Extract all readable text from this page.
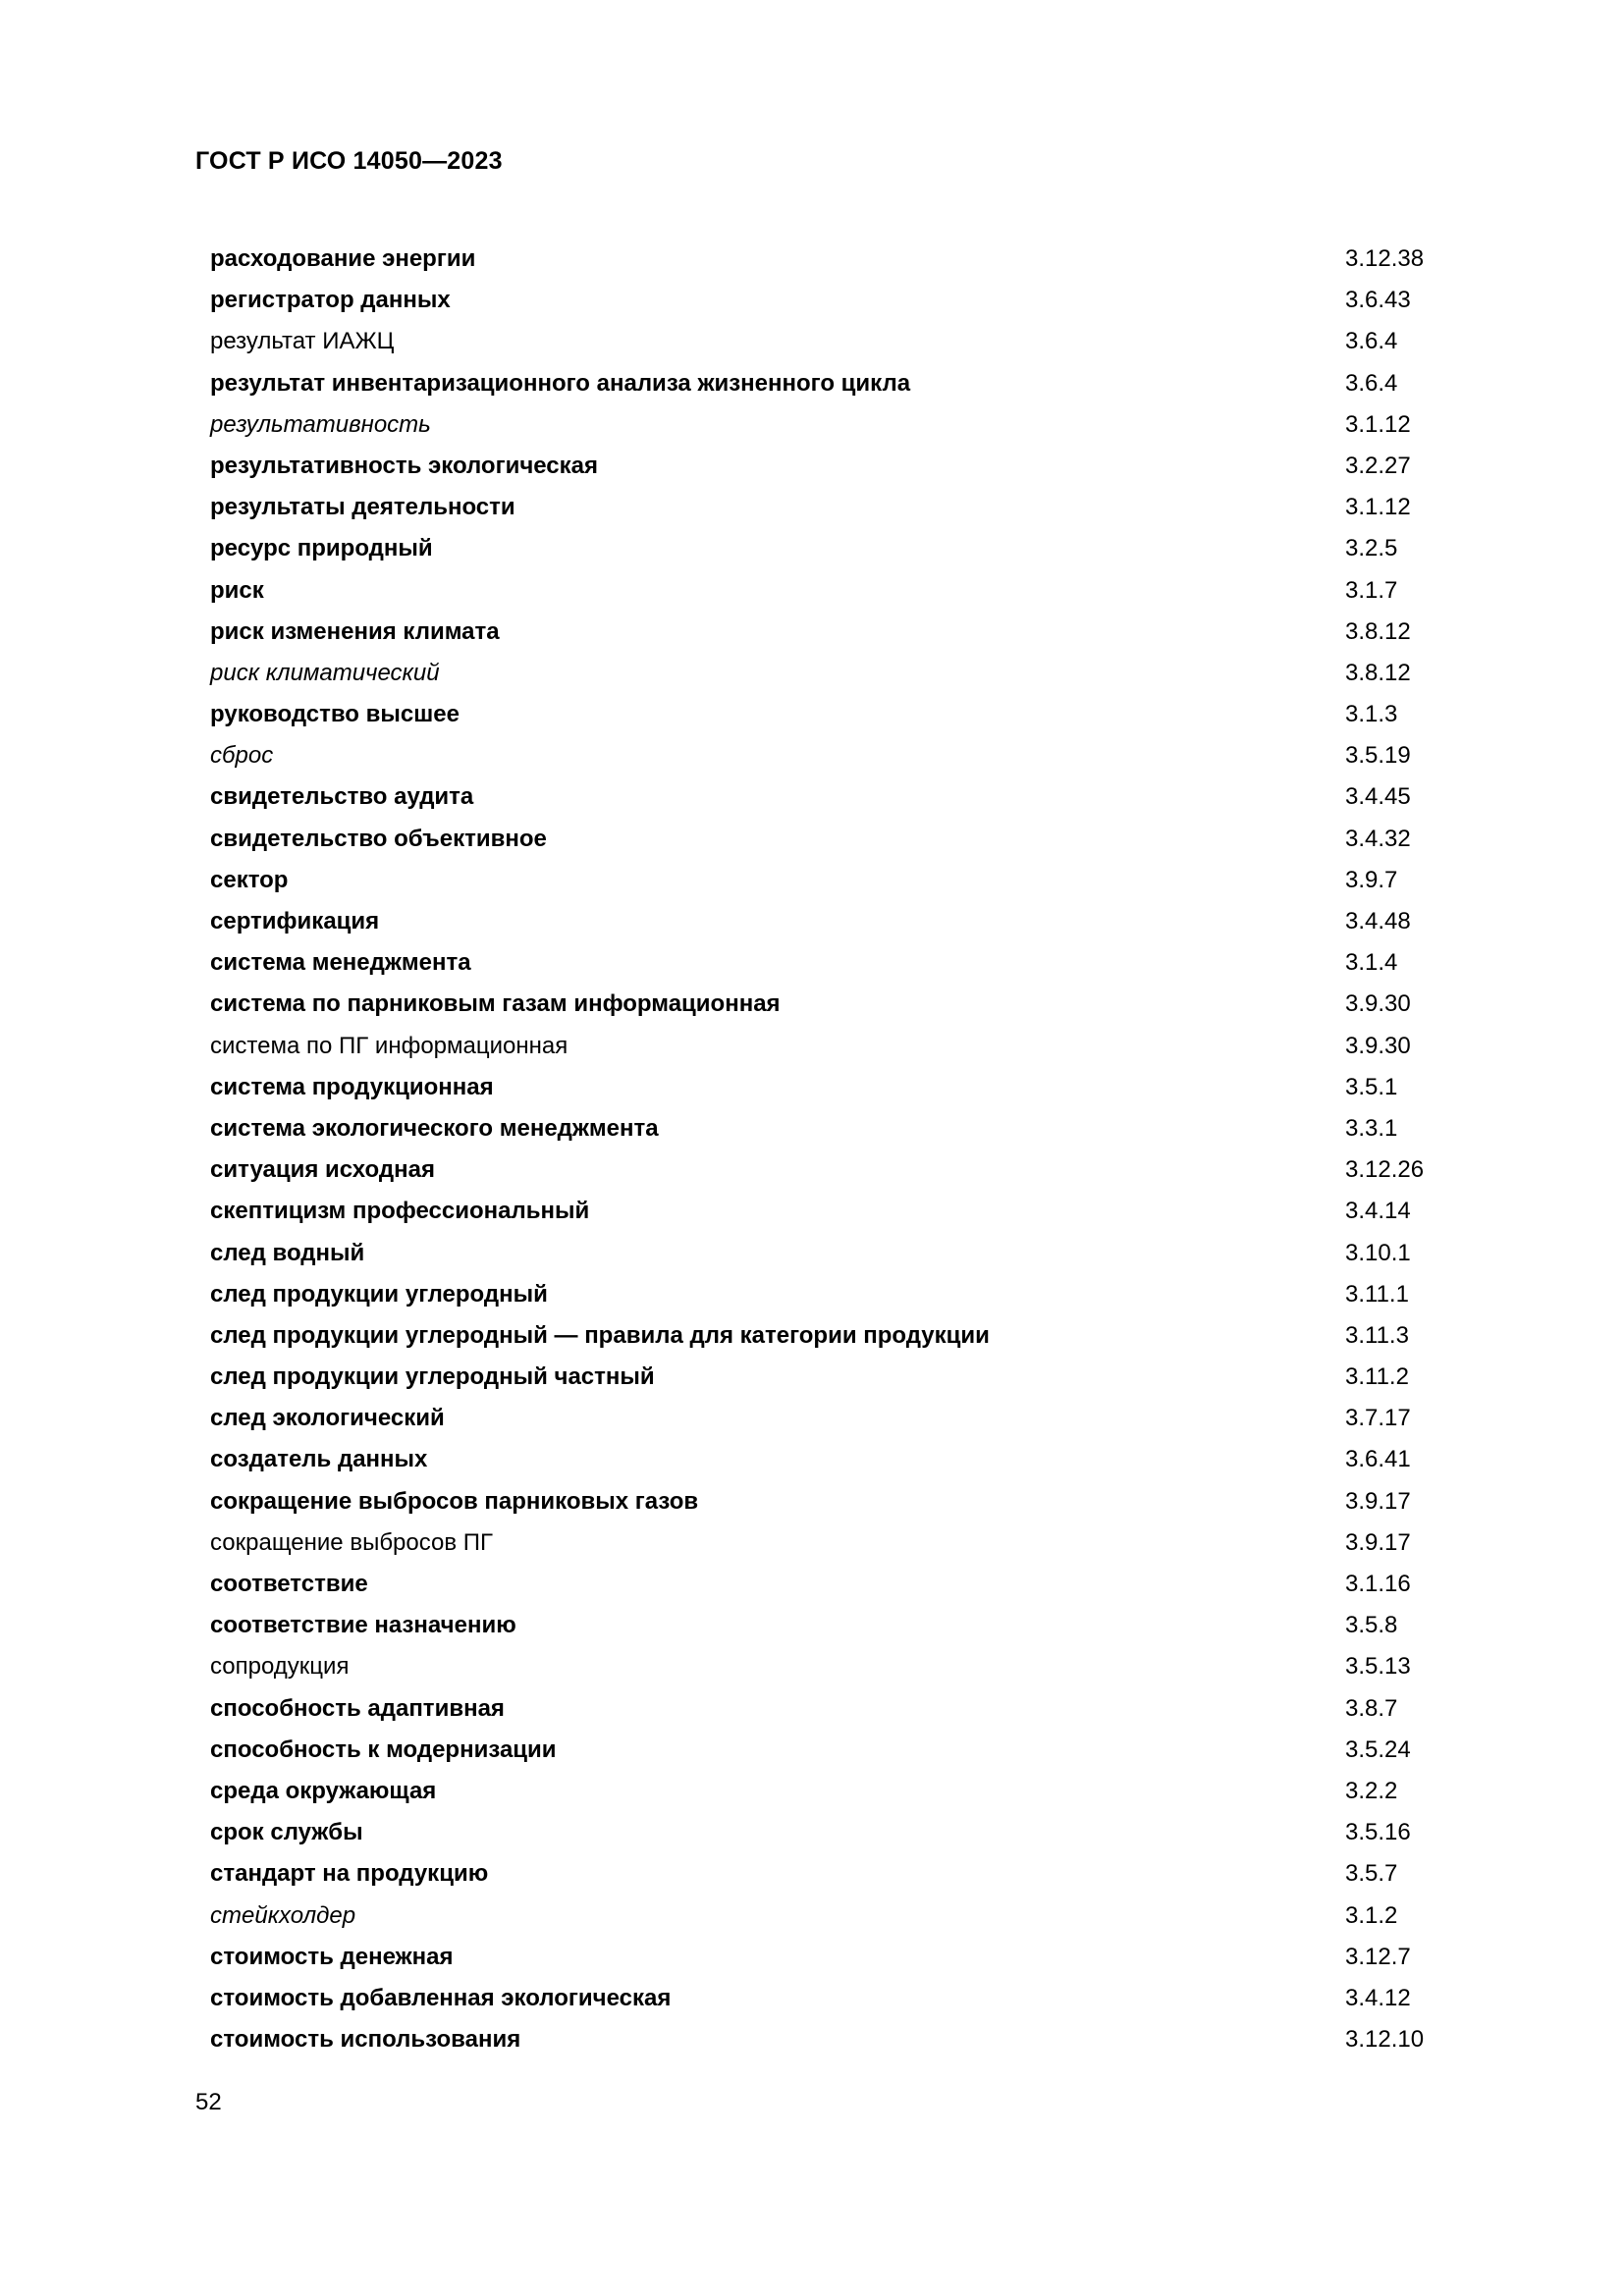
ГОСТ Р ИСО 14050—2023
расходование энергии	3.12.38
регистратор данных	3.6.43
результат ИАЖЦ	3.6.4
результат инвентаризационного анализа жизненного цикла	3.6.4
результативность	3.1.12
результативность экологическая	3.2.27
результаты деятельности	3.1.12
ресурс природный	3.2.5
риск	3.1.7
риск изменения климата	3.8.12
риск климатический	3.8.12
руководство высшее	3.1.3
сброс	3.5.19
свидетельство аудита	3.4.45
свидетельство объективное	3.4.32
сектор	3.9.7
сертификация	3.4.48
система менеджмента	3.1.4
система по парниковым газам информационная	3.9.30
система по ПГ информационная	3.9.30
система продукционная	3.5.1
система экологического менеджмента	3.3.1
ситуация исходная	3.12.26
скептицизм профессиональный	3.4.14
след водный	3.10.1
след продукции углеродный	3.11.1
след продукции углеродный — правила для категории продукции	3.11.3
след продукции углеродный частный	3.11.2
след экологический	3.7.17
создатель данных	3.6.41
сокращение выбросов парниковых газов	3.9.17
сокращение выбросов ПГ	3.9.17
соответствие	3.1.16
соответствие назначению	3.5.8
сопродукция	3.5.13
способность адаптивная	3.8.7
способность к модернизации	3.5.24
среда окружающая	3.2.2
срок службы	3.5.16
стандарт на продукцию	3.5.7
стейкхолдер	3.1.2
стоимость денежная	3.12.7
стоимость добавленная экологическая	3.4.12
стоимость использования	3.12.10
52
